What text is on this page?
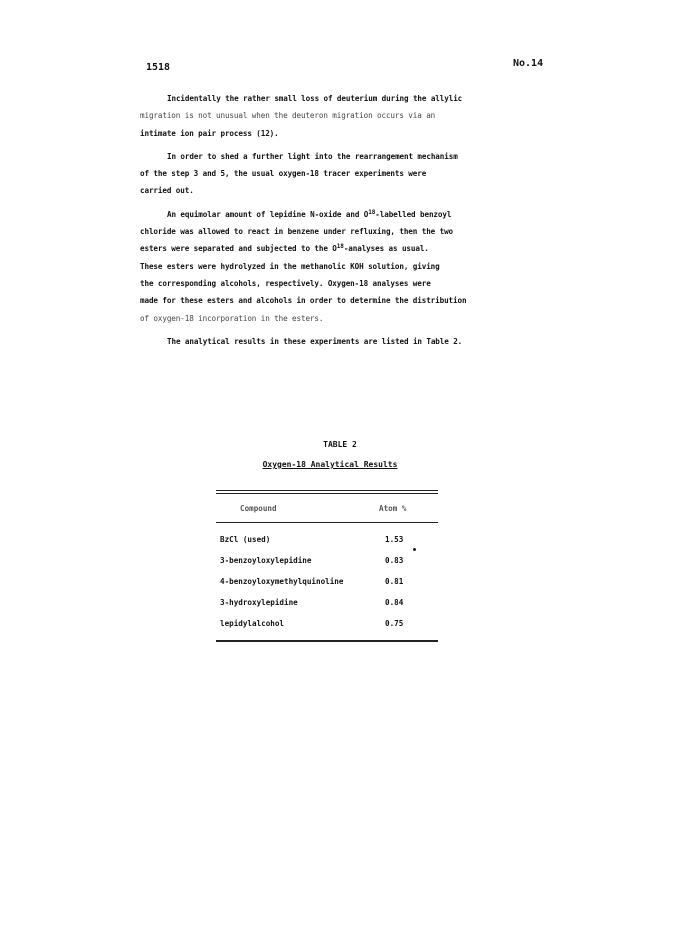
1518	No.14
Incidentally the rather small loss of deuterium during the allylic
migration is not unusual when the deuteron migration occurs via an
intimate ion pair process (12).
In order to shed a further light into the rearrangement mechanism
of the step 3 and 5, the usual oxygen-18 tracer experiments were
carried out.
An equimolar amount of lepidine N-oxide and $O^{18}$-labelled benzoyl
chloride was allowed to react in benzene under refluxing, then the two
esters were separated and subjected to the $O^{18}$-analyses as usual.
These esters were hydrolyzed in the methanolic KOH solution, giving
the corresponding alcohols, respectively. Oxygen-18 analyses were
made for these esters and alcohols in order to determine the distribution
of oxygen-18 incorporation in the esters.
The analytical results in these experiments are listed in Table 2.
TABLE 2
Oxygen-18 Analytical Results
Compound	Atom %
BzCl (used)	1.53
3-benzoyloxylepidine	0.83
4-benzoyloxymethylquinoline	0.81
3-hydroxylepidine	0.84
lepidylalcohol	0.75
